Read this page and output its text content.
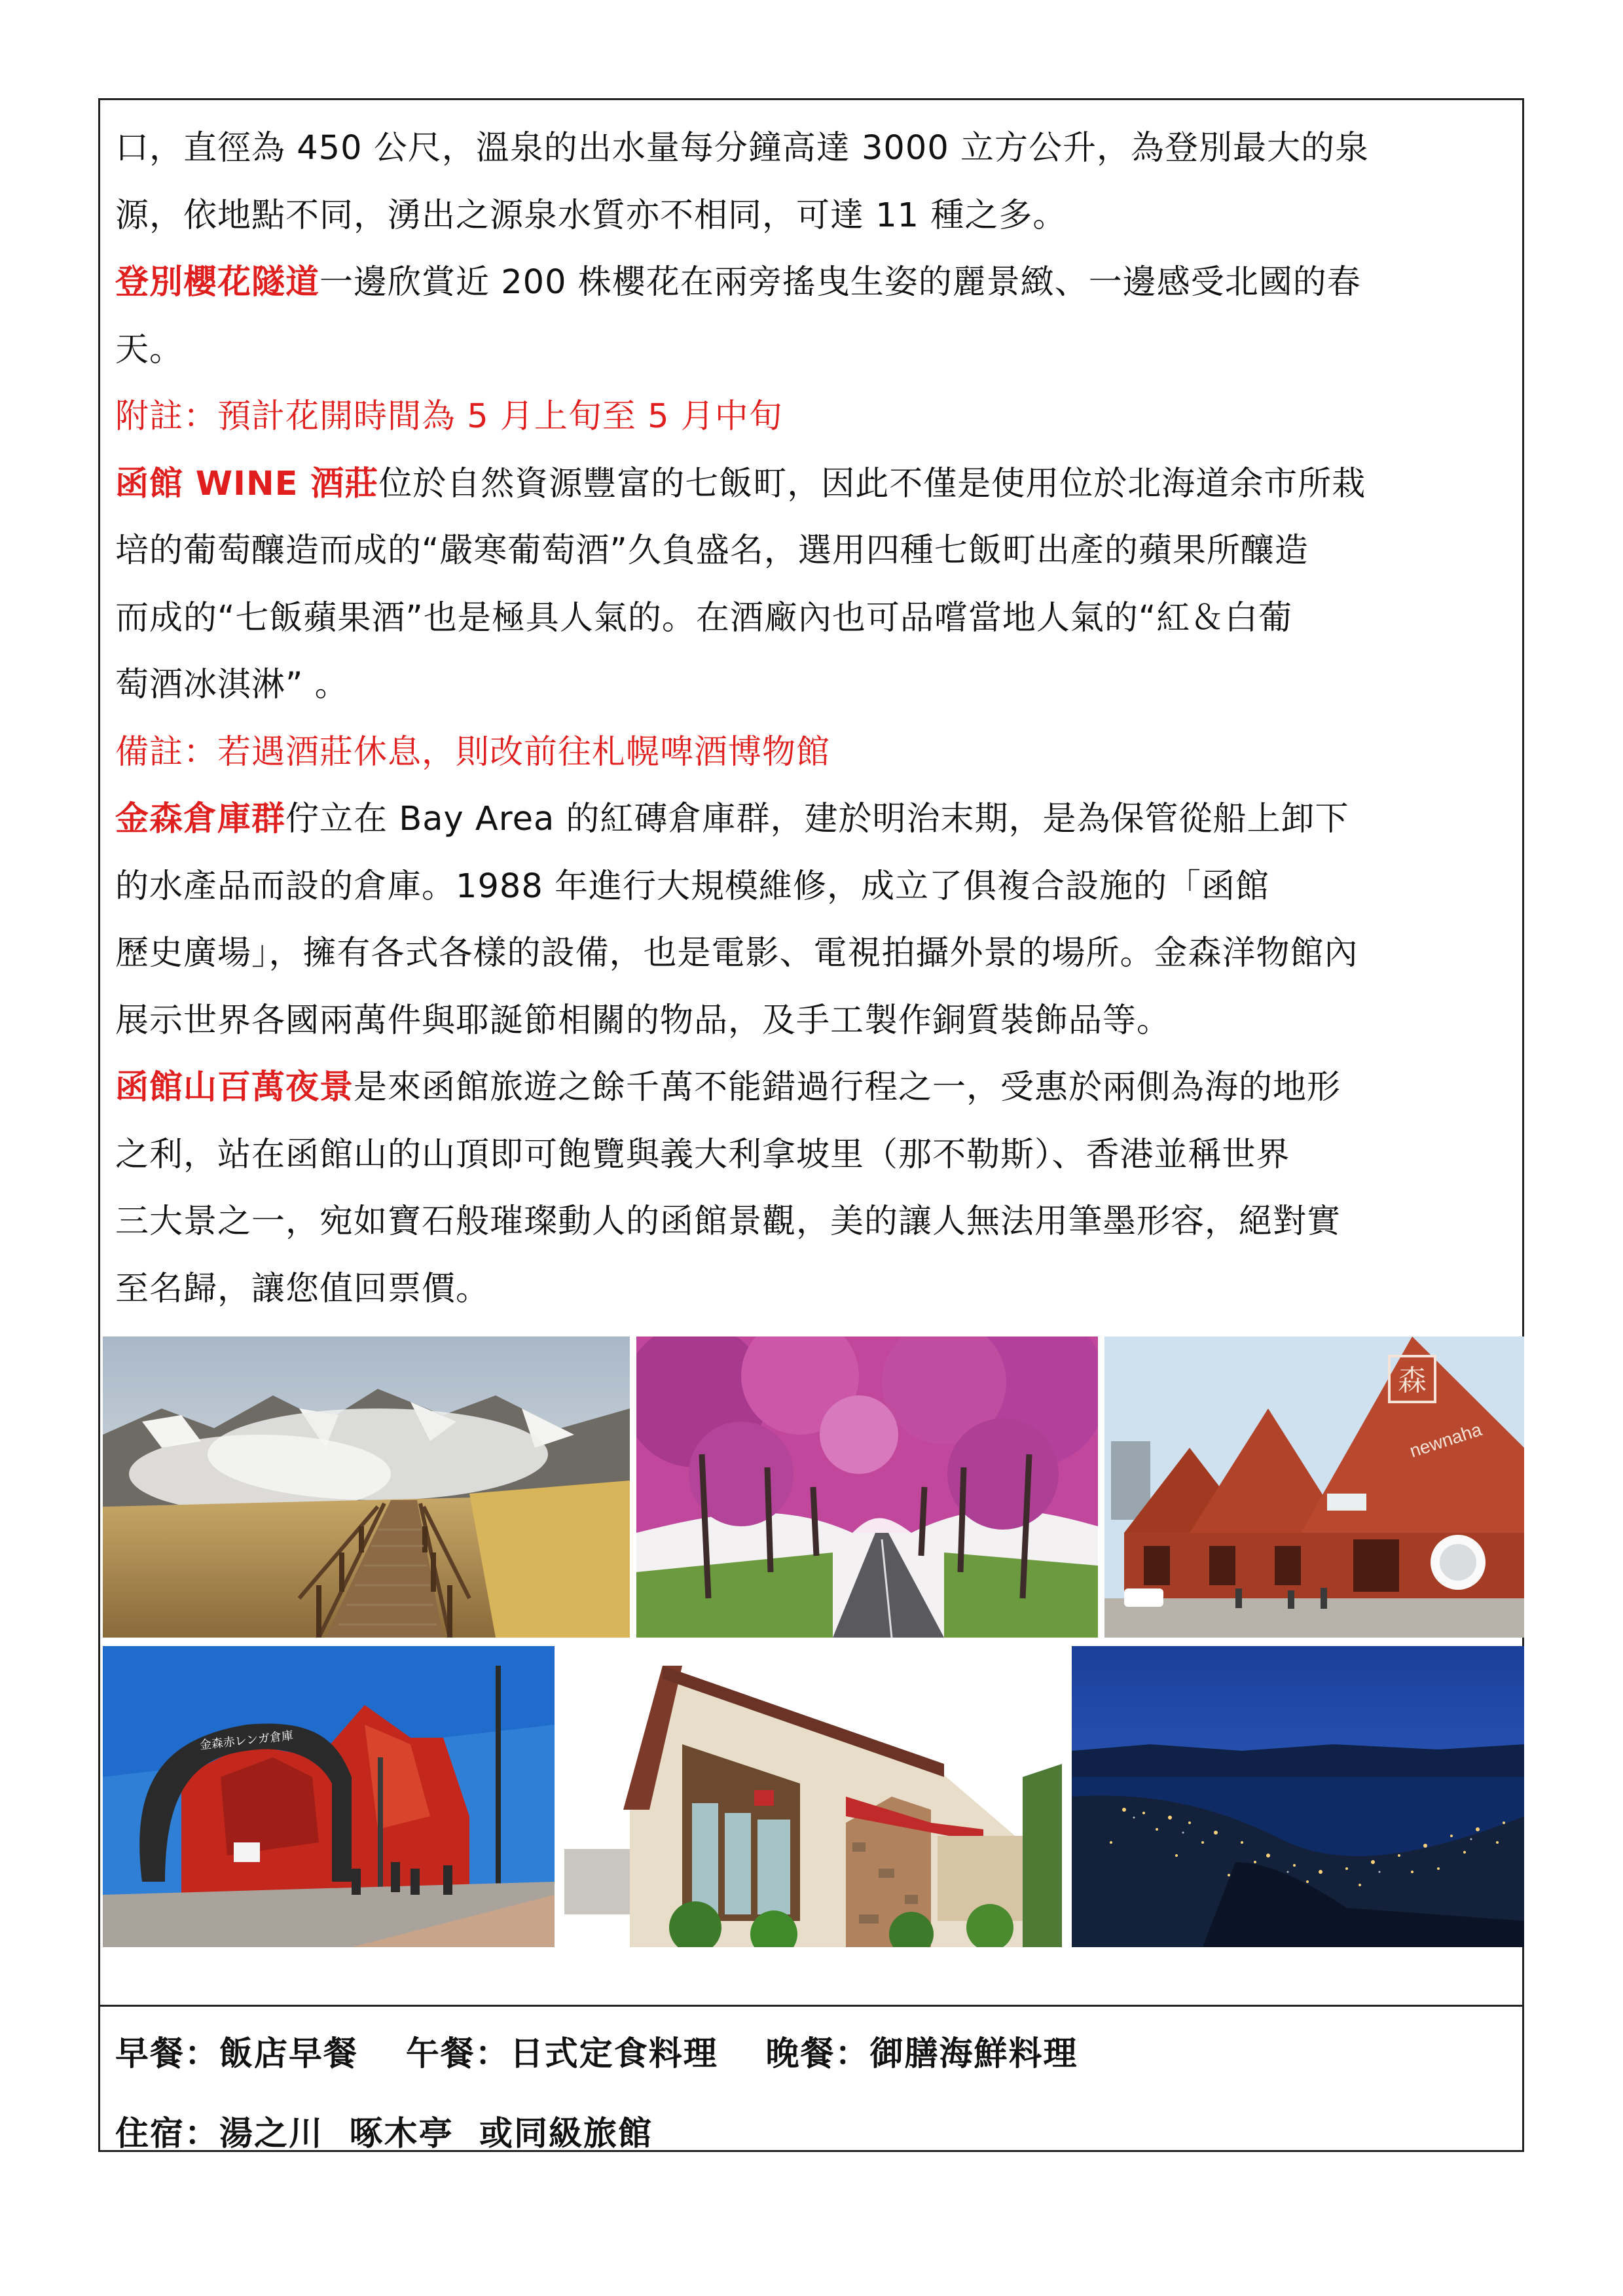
口，直徑為 450 公尺，溫泉的出水量每分鐘高達 3000 立方公升，為登別最大的泉
源，依地點不同，湧出之源泉水質亦不相同，可達 11 種之多。

登別櫻花隧道一邊欣賞近 200 株櫻花在兩旁搖曳生姿的麗景緻、一邊感受北國的春
天。

附註：預計花開時間為 5 月上旬至 5 月中旬

函館 WINE 酒莊位於自然資源豐富的七飯町，因此不僅是使用位於北海道余市所栽
培的葡萄釀造而成的“嚴寒葡萄酒”久負盛名，選用四種七飯町出產的蘋果所釀造
而成的“七飯蘋果酒”也是極具人氣的。在酒廠內也可品嚐當地人氣的“紅＆白葡
萄酒冰淇淋” 。

備註：若遇酒莊休息，則改前往札幌啤酒博物館

金森倉庫群佇立在 Bay Area 的紅磚倉庫群，建於明治末期，是為保管從船上卸下
的水產品而設的倉庫。1988 年進行大規模維修，成立了俱複合設施的「函館
歷史廣場」，擁有各式各樣的設備，也是電影、電視拍攝外景的場所。金森洋物館內
展示世界各國兩萬件與耶誕節相關的物品，及手工製作銅質裝飾品等。

函館山百萬夜景是來函館旅遊之餘千萬不能錯過行程之一，受惠於兩側為海的地形
之利，站在函館山的山頂即可飽覽與義大利拿坡里（那不勒斯）、香港並稱世界
三大景之一，宛如寶石般璀璨動人的函館景觀，美的讓人無法用筆墨形容，絕對實
至名歸，讓您值回票價。

森
newnaha
金森赤レンガ倉庫

早餐：飯店早餐　 午餐：日式定食料理　 晚餐：御膳海鮮料理

住宿：湯之川  啄木亭  或同級旅館
